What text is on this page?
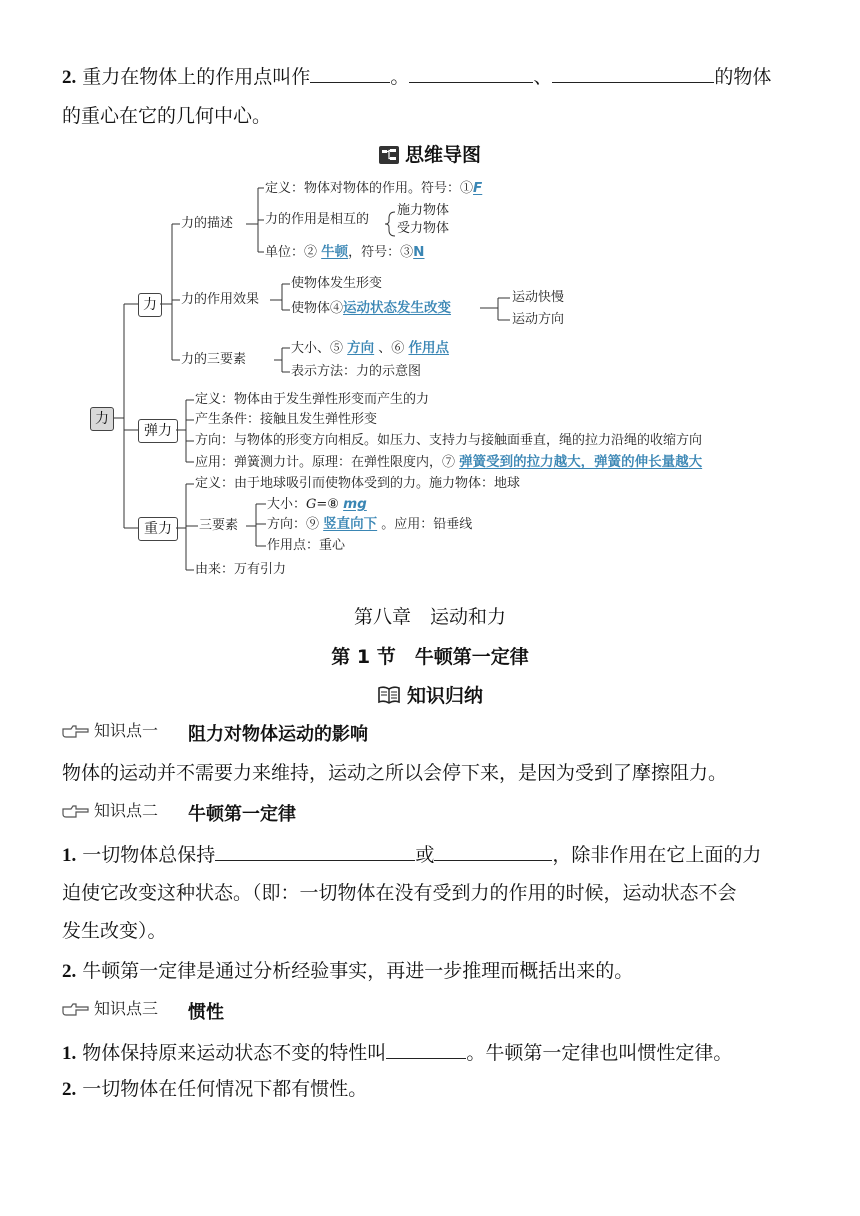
2. 重力在物体上的作用点叫作	。	、	的物体
的重心在它的几何中心。
思维导图
力
力
弹力
重力
力的描述
定义：物体对物体的作用。符号：①F
力的作用是相互的
施力物体
受力物体
单位：② 牛顿，符号：③N
力的作用效果
使物体发生形变
使物体④运动状态发生改变
运动快慢
运动方向
力的三要素
大小、⑤ 方向 、⑥ 作用点
表示方法：力的示意图
定义：物体由于发生弹性形变而产生的力
产生条件：接触且发生弹性形变
方向：与物体的形变方向相反。如压力、支持力与接触面垂直，绳的拉力沿绳的收缩方向
应用：弹簧测力计。原理：在弹性限度内，⑦ 弹簧受到的拉力越大，弹簧的伸长量越大
定义：由于地球吸引而使物体受到的力。施力物体：地球
三要素
大小：G=⑧ mg
方向：⑨ 竖直向下 。应用：铅垂线
作用点：重心
由来：万有引力
第八章　运动和力
第 1 节　牛顿第一定律
知识归纳
知识点一 阻力对物体运动的影响
物体的运动并不需要力来维持，运动之所以会停下来，是因为受到了摩擦阻力。
知识点二 牛顿第一定律
1. 一切物体总保持	或	，除非作用在它上面的力
迫使它改变这种状态。（即：一切物体在没有受到力的作用的时候，运动状态不会
发生改变）。
2. 牛顿第一定律是通过分析经验事实，再进一步推理而概括出来的。
知识点三 惯性
1. 物体保持原来运动状态不变的特性叫	。牛顿第一定律也叫惯性定律。
2. 一切物体在任何情况下都有惯性。
